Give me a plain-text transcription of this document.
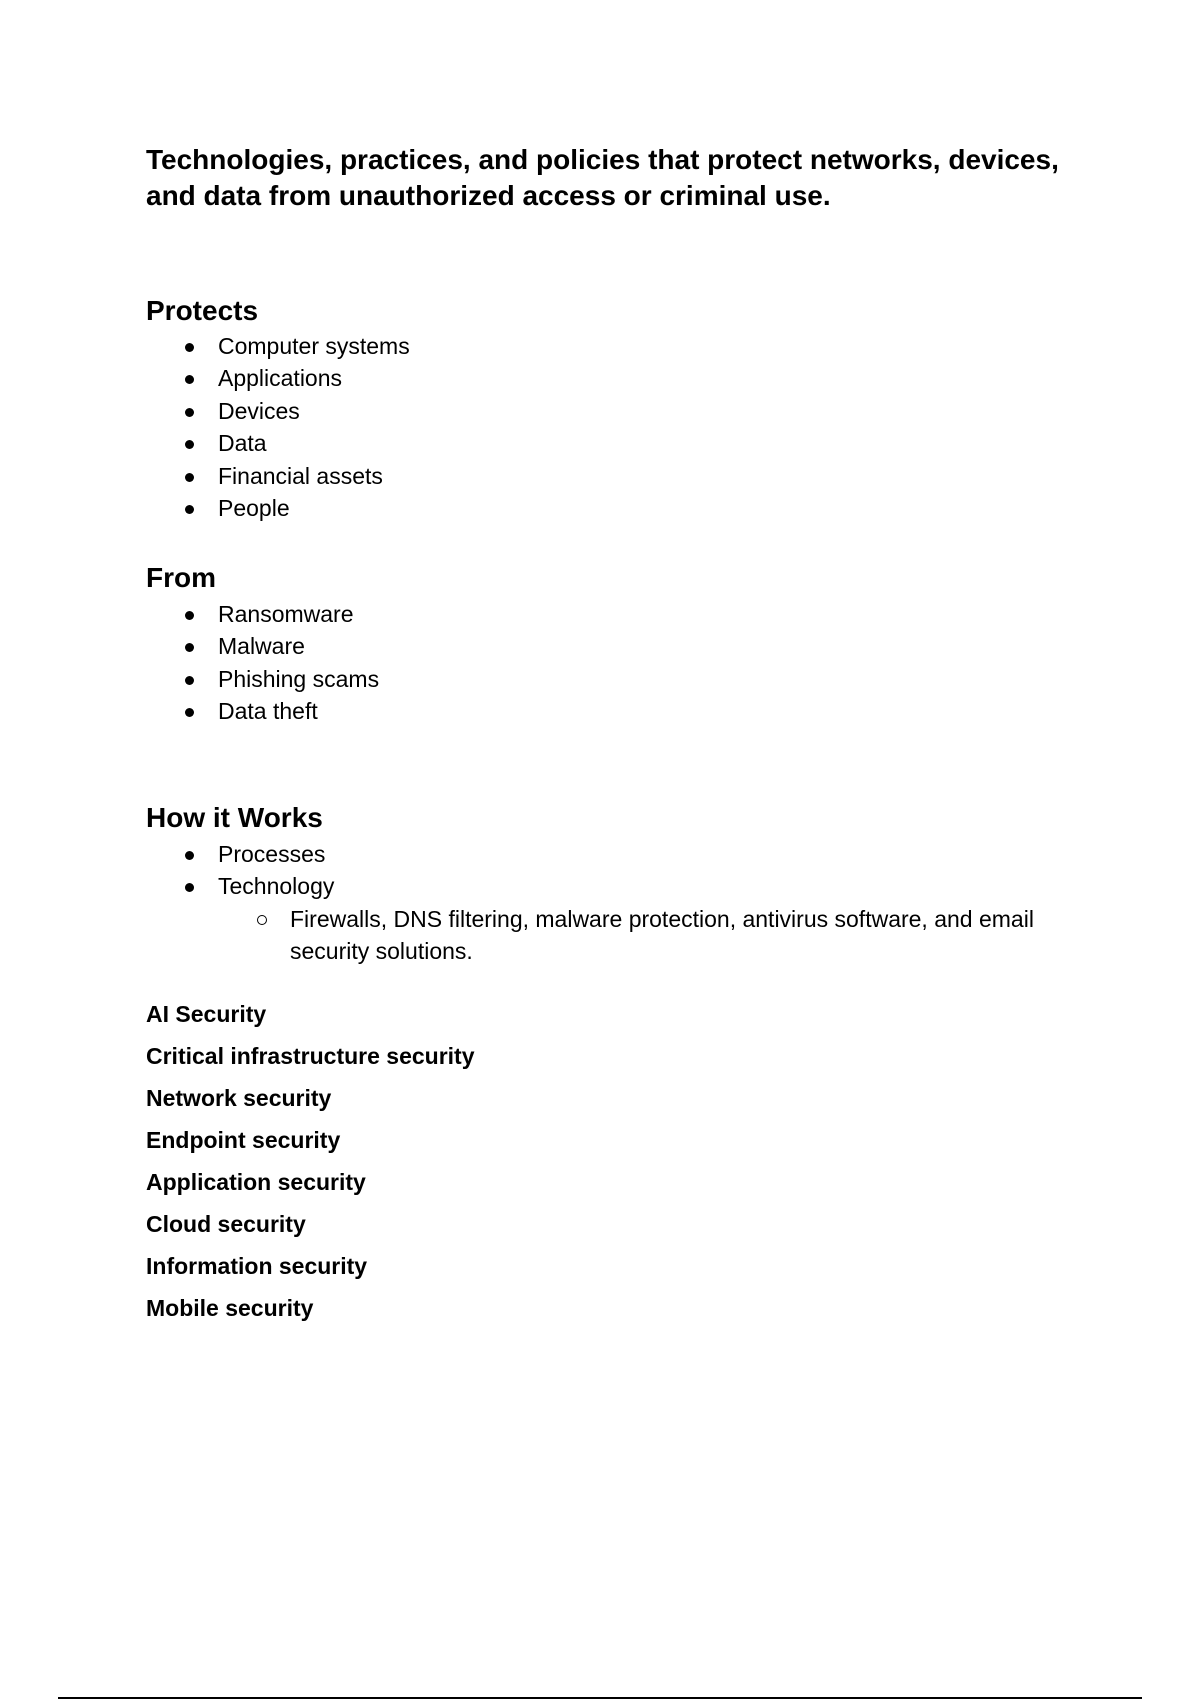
Technologies, practices, and policies that protect networks, devices, and data from unauthorized access or criminal use.

Protects
Computer systems
Applications
Devices
Data
Financial assets
People
From
Ransomware
Malware
Phishing scams
Data theft
How it Works
Processes
Technology
Firewalls, DNS filtering, malware protection, antivirus software, and email security solutions.
AI Security
Critical infrastructure security
Network security
Endpoint security
Application security
Cloud security
Information security
Mobile security
